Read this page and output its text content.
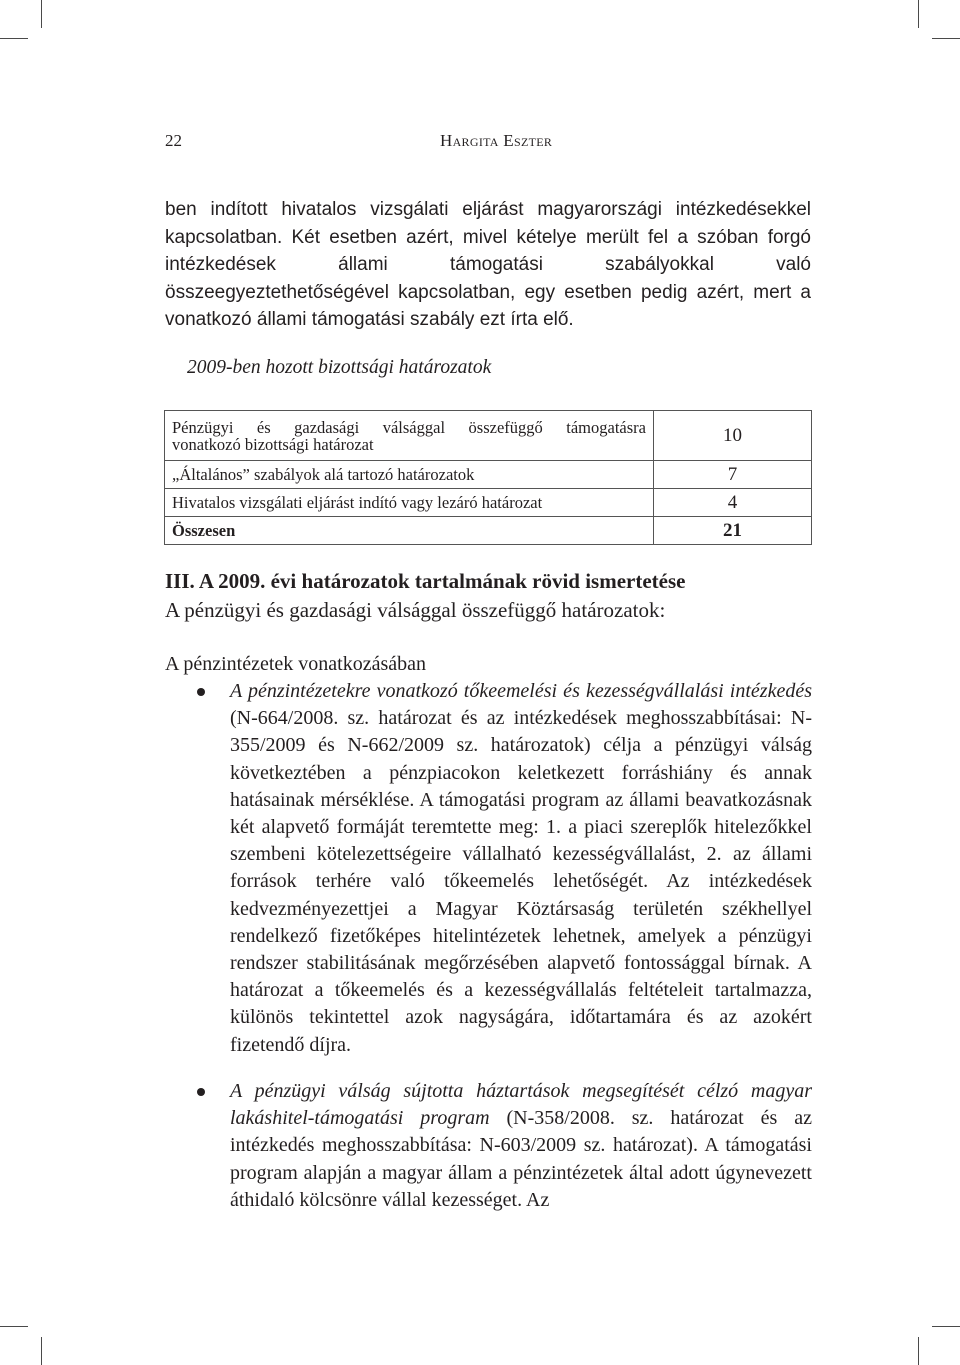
22	Hargita Eszter

ben indított hivatalos vizsgálati eljárást magyarországi intézkedésekkel kapcsolatban. Két esetben azért, mivel kételye merült fel a szóban forgó intézkedések állami támogatási szabályokkal való összeegyeztethetőségével kapcsolatban, egy esetben pedig azért, mert a vonatkozó állami támogatási szabály ezt írta elő.

2009-ben hozott bizottsági határozatok
Pénzügyi és gazdasági válsággal összefüggő támogatásra
vonatkozó bizottsági határozat	10
„Általános” szabályok alá tartozó határozatok	7
Hivatalos vizsgálati eljárást indító vagy lezáró határozat	4
Összesen	21
III. A 2009. évi határozatok tartalmának rövid ismertetése
A pénzügyi és gazdasági válsággal összefüggő határozatok:
A pénzintézetek vonatkozásában

A pénzintézetekre vonatkozó tőkeemelési és kezességvállalási intézkedés (N-664/2008. sz. határozat és az intézkedések meghosszabbításai: N-355/2009 és N-662/2009 sz. határozatok) célja a pénzügyi válság következtében a pénzpiacokon keletkezett forráshiány és annak hatásainak mérséklése. A támogatási program az állami beavatkozásnak két alapvető formáját teremtette meg: 1. a piaci szereplők hitelezőkkel szembeni kötelezettségeire vállalható kezességvállalást, 2. az állami források terhére való tőkeemelés lehetőségét. Az intézkedések kedvezményezettjei a Magyar Köztársaság területén székhellyel rendelkező fizetőképes hitelintézetek lehetnek, amelyek a pénzügyi rendszer stabilitásának megőrzésében alapvető fontossággal bírnak. A határozat a tőkeemelés és a kezességvállalás feltételeit tartalmazza, különös tekintettel azok nagyságára, időtartamára és az azokért fizetendő díjra.

A pénzügyi válság sújtotta háztartások megsegítését célzó magyar lakáshitel-támogatási program (N-358/2008. sz. határozat és az intézkedés meghosszabbítása: N-603/2009 sz. határozat). A támogatási program alapján a magyar állam a pénzintézetek által adott úgynevezett áthidaló kölcsönre vállal kezességet. Az
